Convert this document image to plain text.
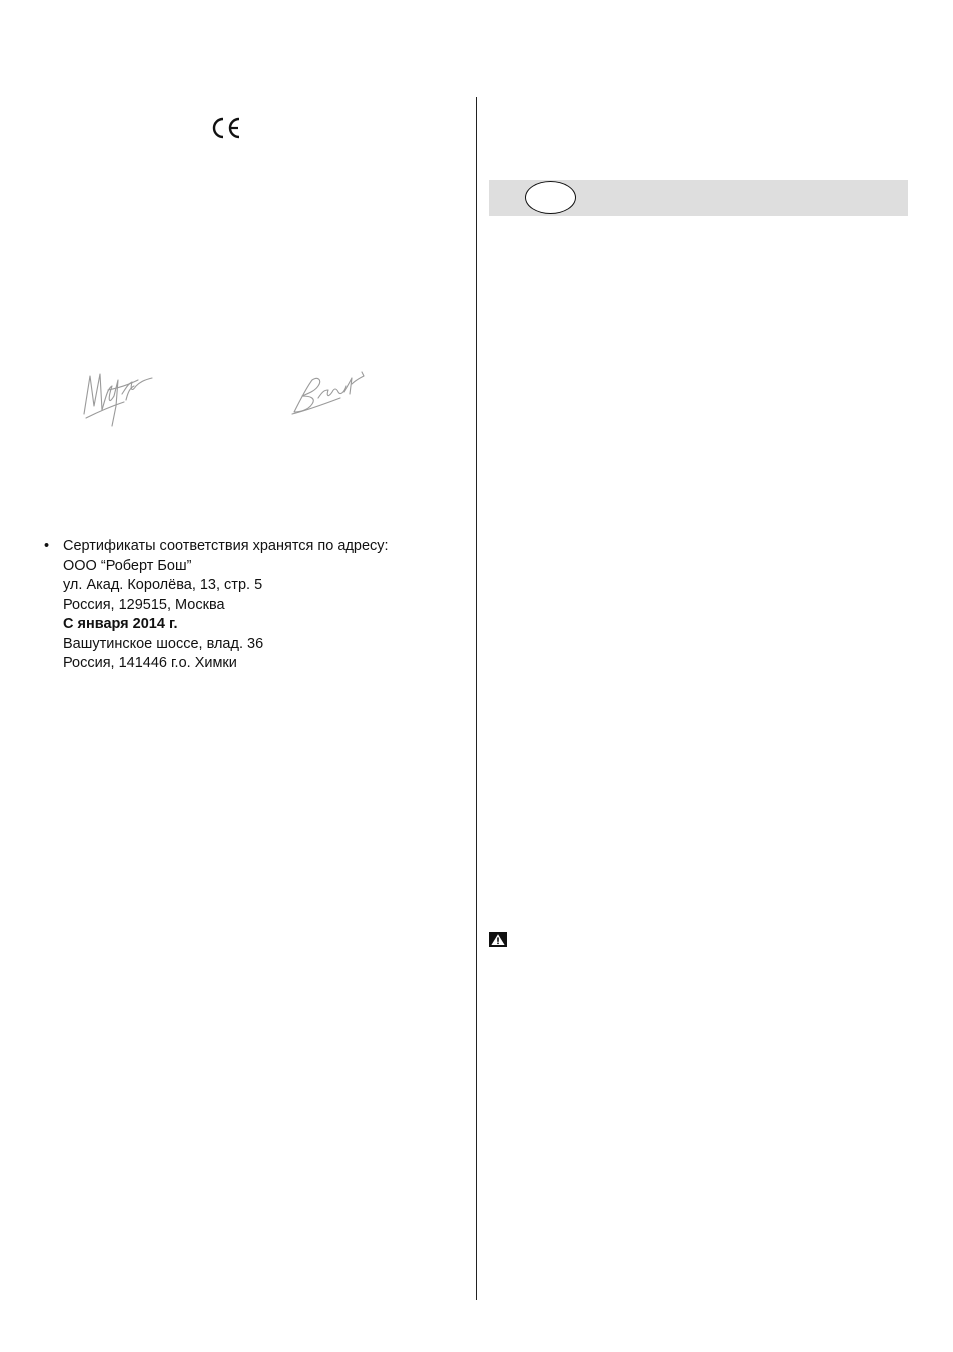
• Сертификаты соответствия хранятся по адресу:
ООО “Роберт Бош”
ул. Акад. Королёва, 13, стр. 5
Россия, 129515, Москва
С января 2014 г.
Вашутинское шоссе, влад. 36
Россия, 141446 г.о. Химки
